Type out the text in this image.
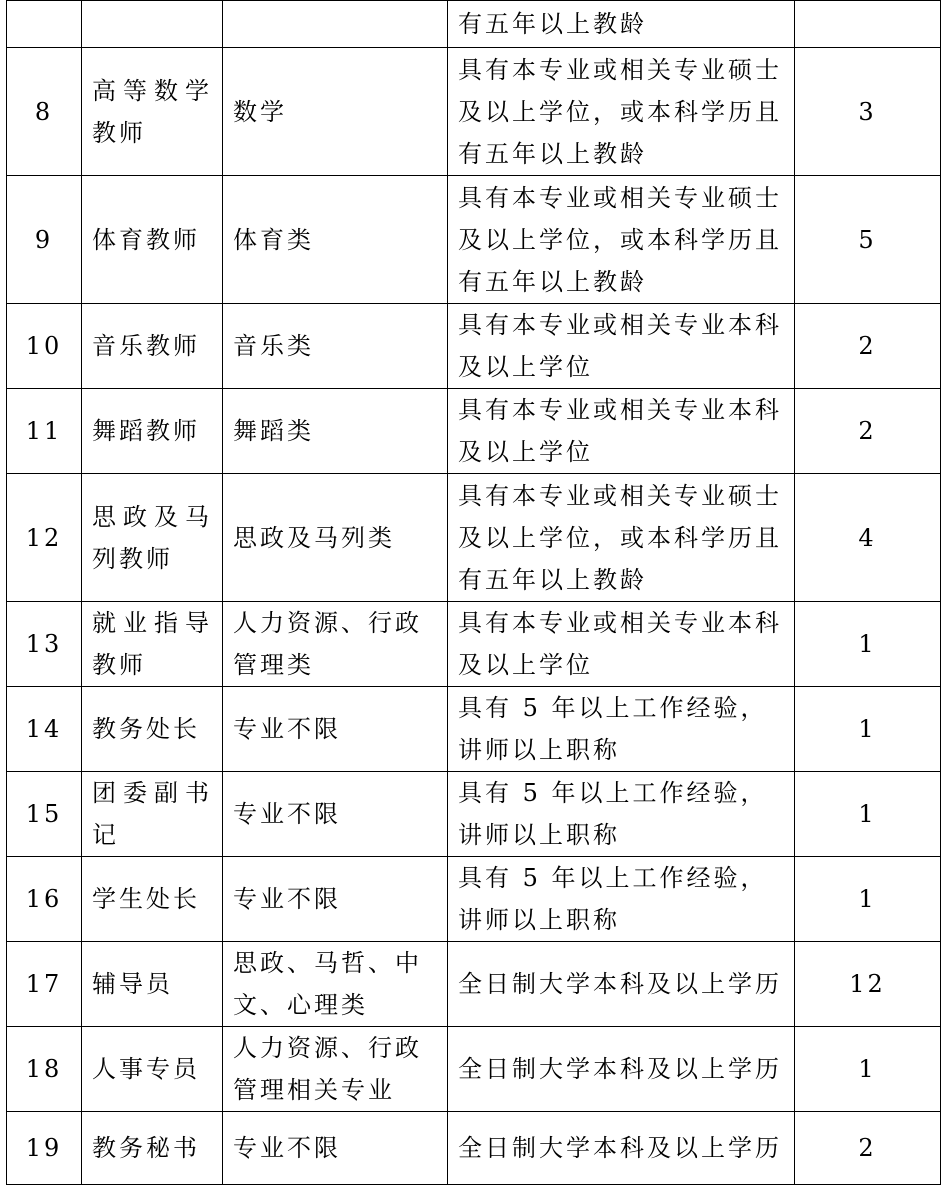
			有五年以上教龄	
8	高等数学教师	数学	具有本专业或相关专业硕士及以上学位，或本科学历且有五年以上教龄	3
9	体育教师	体育类	具有本专业或相关专业硕士及以上学位，或本科学历且有五年以上教龄	5
10	音乐教师	音乐类	具有本专业或相关专业本科及以上学位	2
11	舞蹈教师	舞蹈类	具有本专业或相关专业本科及以上学位	2
12	思政及马列教师	思政及马列类	具有本专业或相关专业硕士及以上学位，或本科学历且有五年以上教龄	4
13	就业指导教师	人力资源、行政管理类	具有本专业或相关专业本科及以上学位	1
14	教务处长	专业不限	具有 5 年以上工作经验，讲师以上职称	1
15	团委副书记	专业不限	具有 5 年以上工作经验，讲师以上职称	1
16	学生处长	专业不限	具有 5 年以上工作经验，讲师以上职称	1
17	辅导员	思政、马哲、中文、心理类	全日制大学本科及以上学历	12
18	人事专员	人力资源、行政管理相关专业	全日制大学本科及以上学历	1
19	教务秘书	专业不限	全日制大学本科及以上学历	2
